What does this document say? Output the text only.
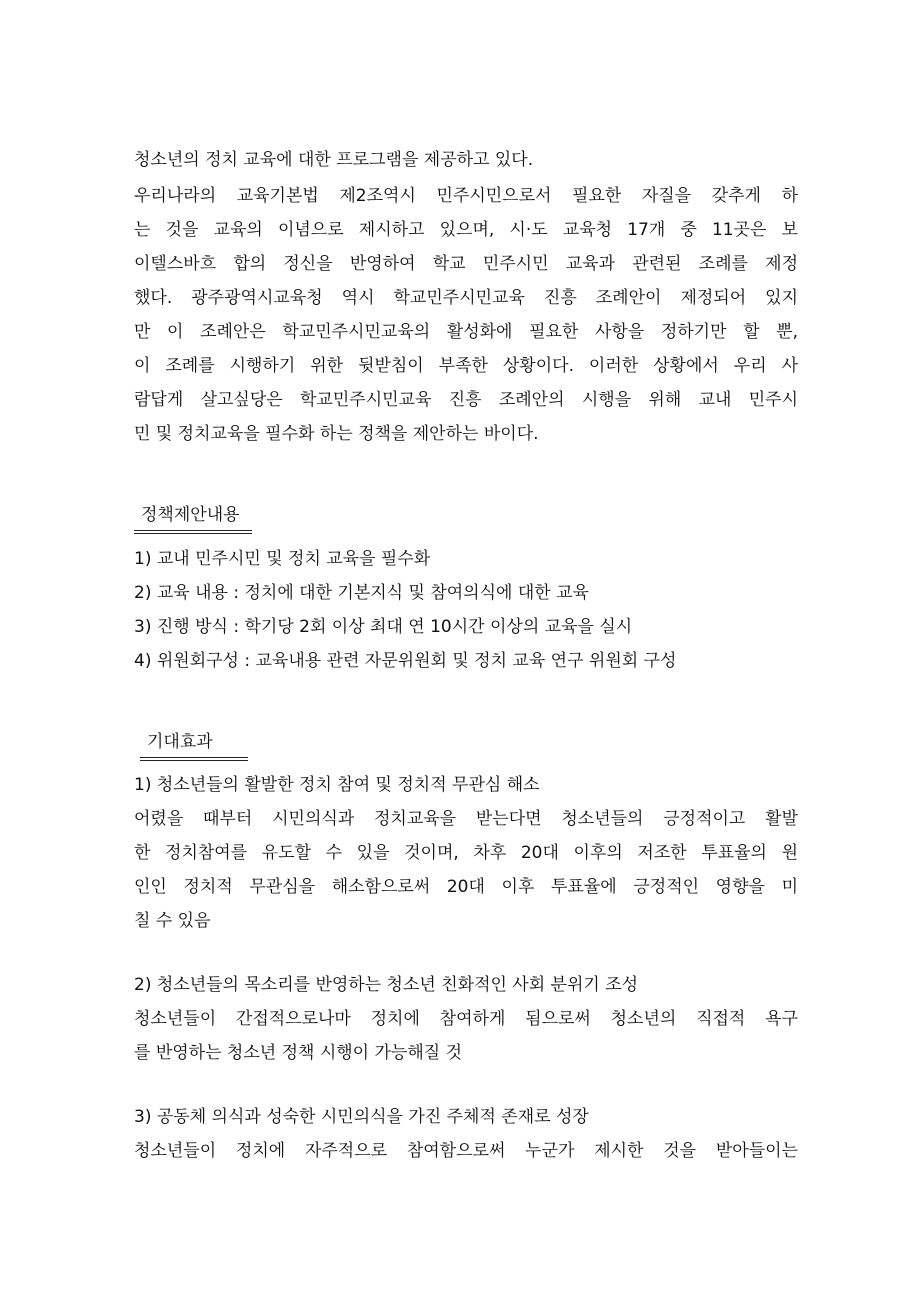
청소년의 정치 교육에 대한 프로그램을 제공하고 있다.
우리나라의 교육기본법 제2조역시 민주시민으로서 필요한 자질을 갖추게 하
는 것을 교육의 이념으로 제시하고 있으며, 시·도 교육청 17개 중 11곳은 보
이텔스바흐 합의 정신을 반영하여 학교 민주시민 교육과 관련된 조례를 제정
했다. 광주광역시교육청 역시 학교민주시민교육 진흥 조례안이 제정되어 있지
만 이 조례안은 학교민주시민교육의 활성화에 필요한 사항을 정하기만 할 뿐,
이 조례를 시행하기 위한 뒷받침이 부족한 상황이다. 이러한 상황에서 우리 사
람답게 살고싶당은 학교민주시민교육 진흥 조례안의 시행을 위해 교내 민주시
민 및 정치교육을 필수화 하는 정책을 제안하는 바이다.
정책제안내용
1) 교내 민주시민 및 정치 교육을 필수화
2) 교육 내용 : 정치에 대한 기본지식 및 참여의식에 대한 교육
3) 진행 방식 : 학기당 2회 이상 최대 연 10시간 이상의 교육을 실시
4) 위원회구성 : 교육내용 관련 자문위원회 및 정치 교육 연구 위원회 구성
기대효과
1) 청소년들의 활발한 정치 참여 및 정치적 무관심 해소
어렸을 때부터 시민의식과 정치교육을 받는다면 청소년들의 긍정적이고 활발
한 정치참여를 유도할 수 있을 것이며, 차후 20대 이후의 저조한 투표율의 원
인인 정치적 무관심을 해소함으로써 20대 이후 투표율에 긍정적인 영향을 미
칠 수 있음
2) 청소년들의 목소리를 반영하는 청소년 친화적인 사회 분위기 조성
청소년들이 간접적으로나마 정치에 참여하게 됨으로써 청소년의 직접적 욕구
를 반영하는 청소년 정책 시행이 가능해질 것
3) 공동체 의식과 성숙한 시민의식을 가진 주체적 존재로 성장
청소년들이 정치에 자주적으로 참여함으로써 누군가 제시한 것을 받아들이는
